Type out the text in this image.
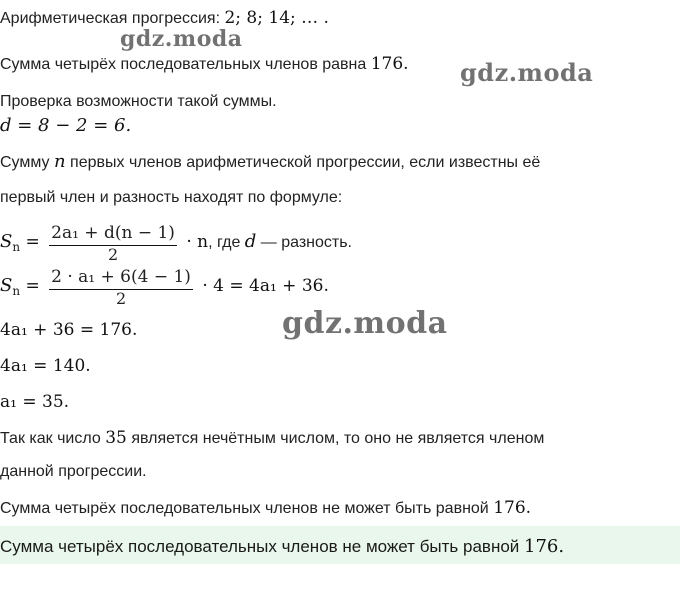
gdz.moda
gdz.moda
gdz.moda
Арифметическая прогрессия: 2; 8; 14; … .
Сумма четырёх последовательных членов равна 176.
Проверка возможности такой суммы.
d = 8 − 2 = 6.
Сумму n первых членов арифметической прогрессии, если известны её
первый член и разность находят по формуле:
$S_n = \frac{\text{2a₁ + d(n − 1)}}{2} \cdot n$, где d — разность.
$S_n = \frac{\text{2 · a₁ + 6(4 − 1)}}{2} \cdot 4 = 4a_1 + 36$.
4a₁ + 36 = 176.
4a₁ = 140.
a₁ = 35.
Так как число 35 является нечётным числом, то оно не является членом
данной прогрессии.
Сумма четырёх последовательных членов не может быть равной 176.
Сумма четырёх последовательных членов не может быть равной 176.
